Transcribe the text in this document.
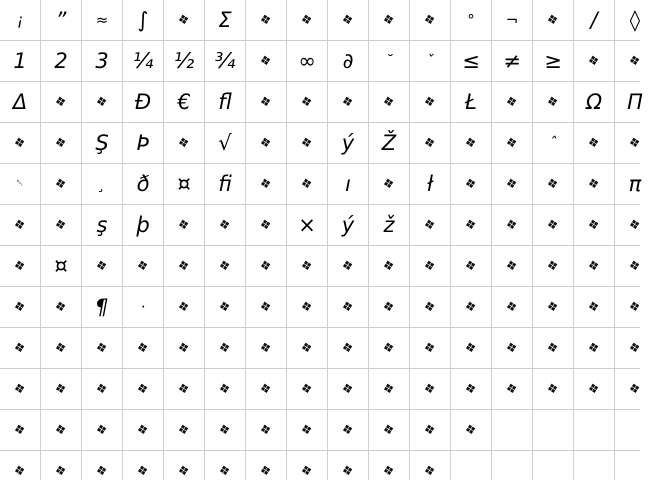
¡ ” ≈ ∫ ❖ Σ ❖ ❖ ❖ ❖ ❖ ° ¬ ❖ / ◊
1 2 3 ¼ ½ ¾ ❖ ∞ ∂ ˘ ˇ ≤ ≠ ≥ ❖ ❖
Δ ❖ ❖ Đ € fl ❖ ❖ ❖ ❖ ❖ Ł ❖ ❖ Ω Π
❖ ❖ Ş Þ ❖ √ ❖ ❖ ý Ž ❖ ❖ ❖ ˆ ❖ ❖
␀ ❖ ¸ ð ¤ fi ❖ ❖ ı ❖ ł ❖ ❖ ❖ ❖ π
❖ ❖ ş þ ❖ ❖ ❖ × ý ž ❖ ❖ ❖ ❖ ❖ ❖
❖ ¤ ❖ ❖ ❖ ❖ ❖ ❖ ❖ ❖ ❖ ❖ ❖ ❖ ❖ ❖
❖ ❖ ¶ · ❖ ❖ ❖ ❖ ❖ ❖ ❖ ❖ ❖ ❖ ❖ ❖
❖ ❖ ❖ ❖ ❖ ❖ ❖ ❖ ❖ ❖ ❖ ❖ ❖ ❖ ❖ ❖
❖ ❖ ❖ ❖ ❖ ❖ ❖ ❖ ❖ ❖ ❖ ❖ ❖ ❖ ❖ ❖
❖ ❖ ❖ ❖ ❖ ❖ ❖ ❖ ❖ ❖ ❖ ❖
❖ ❖ ❖ ❖ ❖ ❖ ❖ ❖ ❖ ❖ ❖
